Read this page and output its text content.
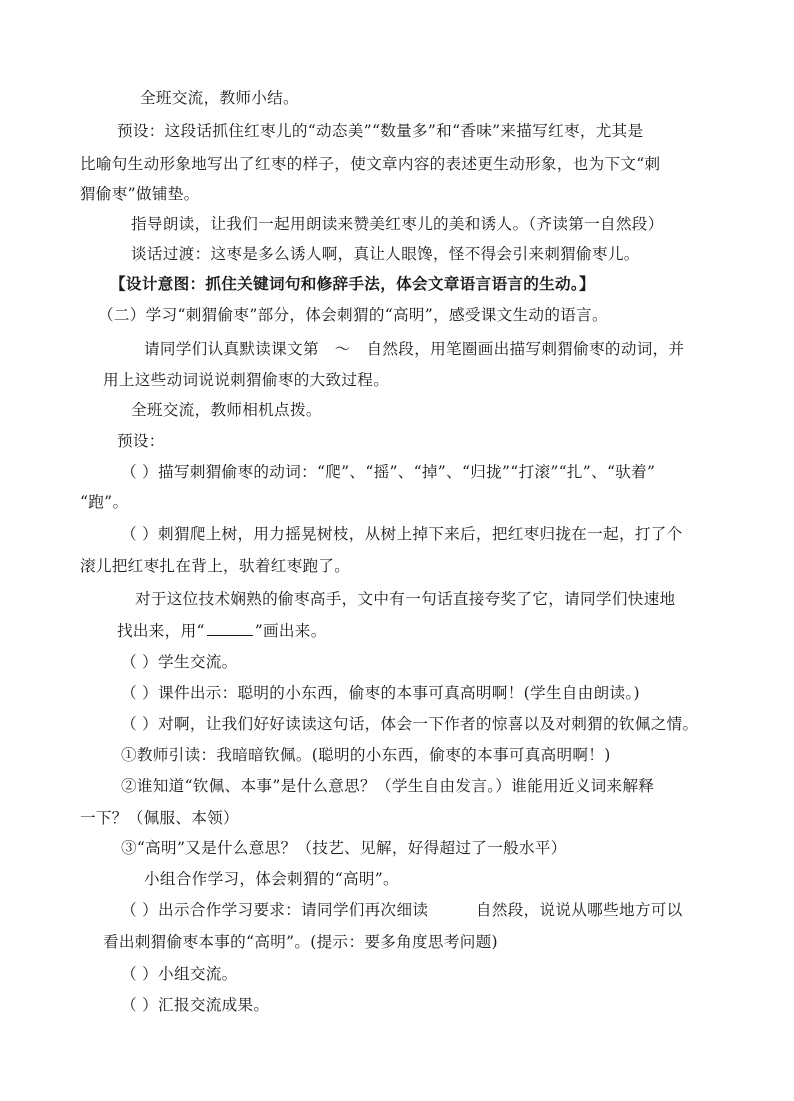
全班交流，教师小结。
预设：这段话抓住红枣儿的“动态美”“数量多”和“香味”来描写红枣，尤其是
比喻句生动形象地写出了红枣的样子，使文章内容的表述更生动形象，也为下文“刺
猬偷枣”做铺垫。
指导朗读，让我们一起用朗读来赞美红枣儿的美和诱人。（齐读第一自然段）
谈话过渡：这枣是多么诱人啊，真让人眼馋，怪不得会引来刺猬偷枣儿。
【设计意图：抓住关键词句和修辞手法，体会文章语言语言的生动。】
（二）学习“刺猬偷枣”部分，体会刺猬的“高明”，感受课文生动的语言。
请同学们认真默读课文第　～　自然段，用笔圈画出描写刺猬偷枣的动词，并
用上这些动词说说刺猬偷枣的大致过程。
全班交流，教师相机点拨。
预设：
（ ）描写刺猬偷枣的动词：“爬”、“摇”、“掉”、“归拢”“打滚”“扎”、“驮着”
“跑”。
（ ）刺猬爬上树，用力摇晃树枝，从树上掉下来后，把红枣归拢在一起，打了个
滚儿把红枣扎在背上，驮着红枣跑了。
对于这位技术娴熟的偷枣高手，文中有一句话直接夸奖了它，请同学们快速地
找出来，用“	”画出来。
（ ）学生交流。
（ ）课件出示：聪明的小东西，偷枣的本事可真高明啊！(学生自由朗读。)
（ ）对啊，让我们好好读读这句话，体会一下作者的惊喜以及对刺猬的钦佩之情。
①教师引读：我暗暗钦佩。(聪明的小东西，偷枣的本事可真高明啊！)
②谁知道“钦佩、本事”是什么意思？（学生自由发言。）谁能用近义词来解释
一下？（佩服、本领）
③“高明”又是什么意思？（技艺、见解，好得超过了一般水平）
小组合作学习，体会刺猬的“高明”。
（ ）出示合作学习要求：请同学们再次细读　　　自然段，说说从哪些地方可以
看出刺猬偷枣本事的“高明”。(提示：要多角度思考问题)
（ ）小组交流。
（ ）汇报交流成果。
